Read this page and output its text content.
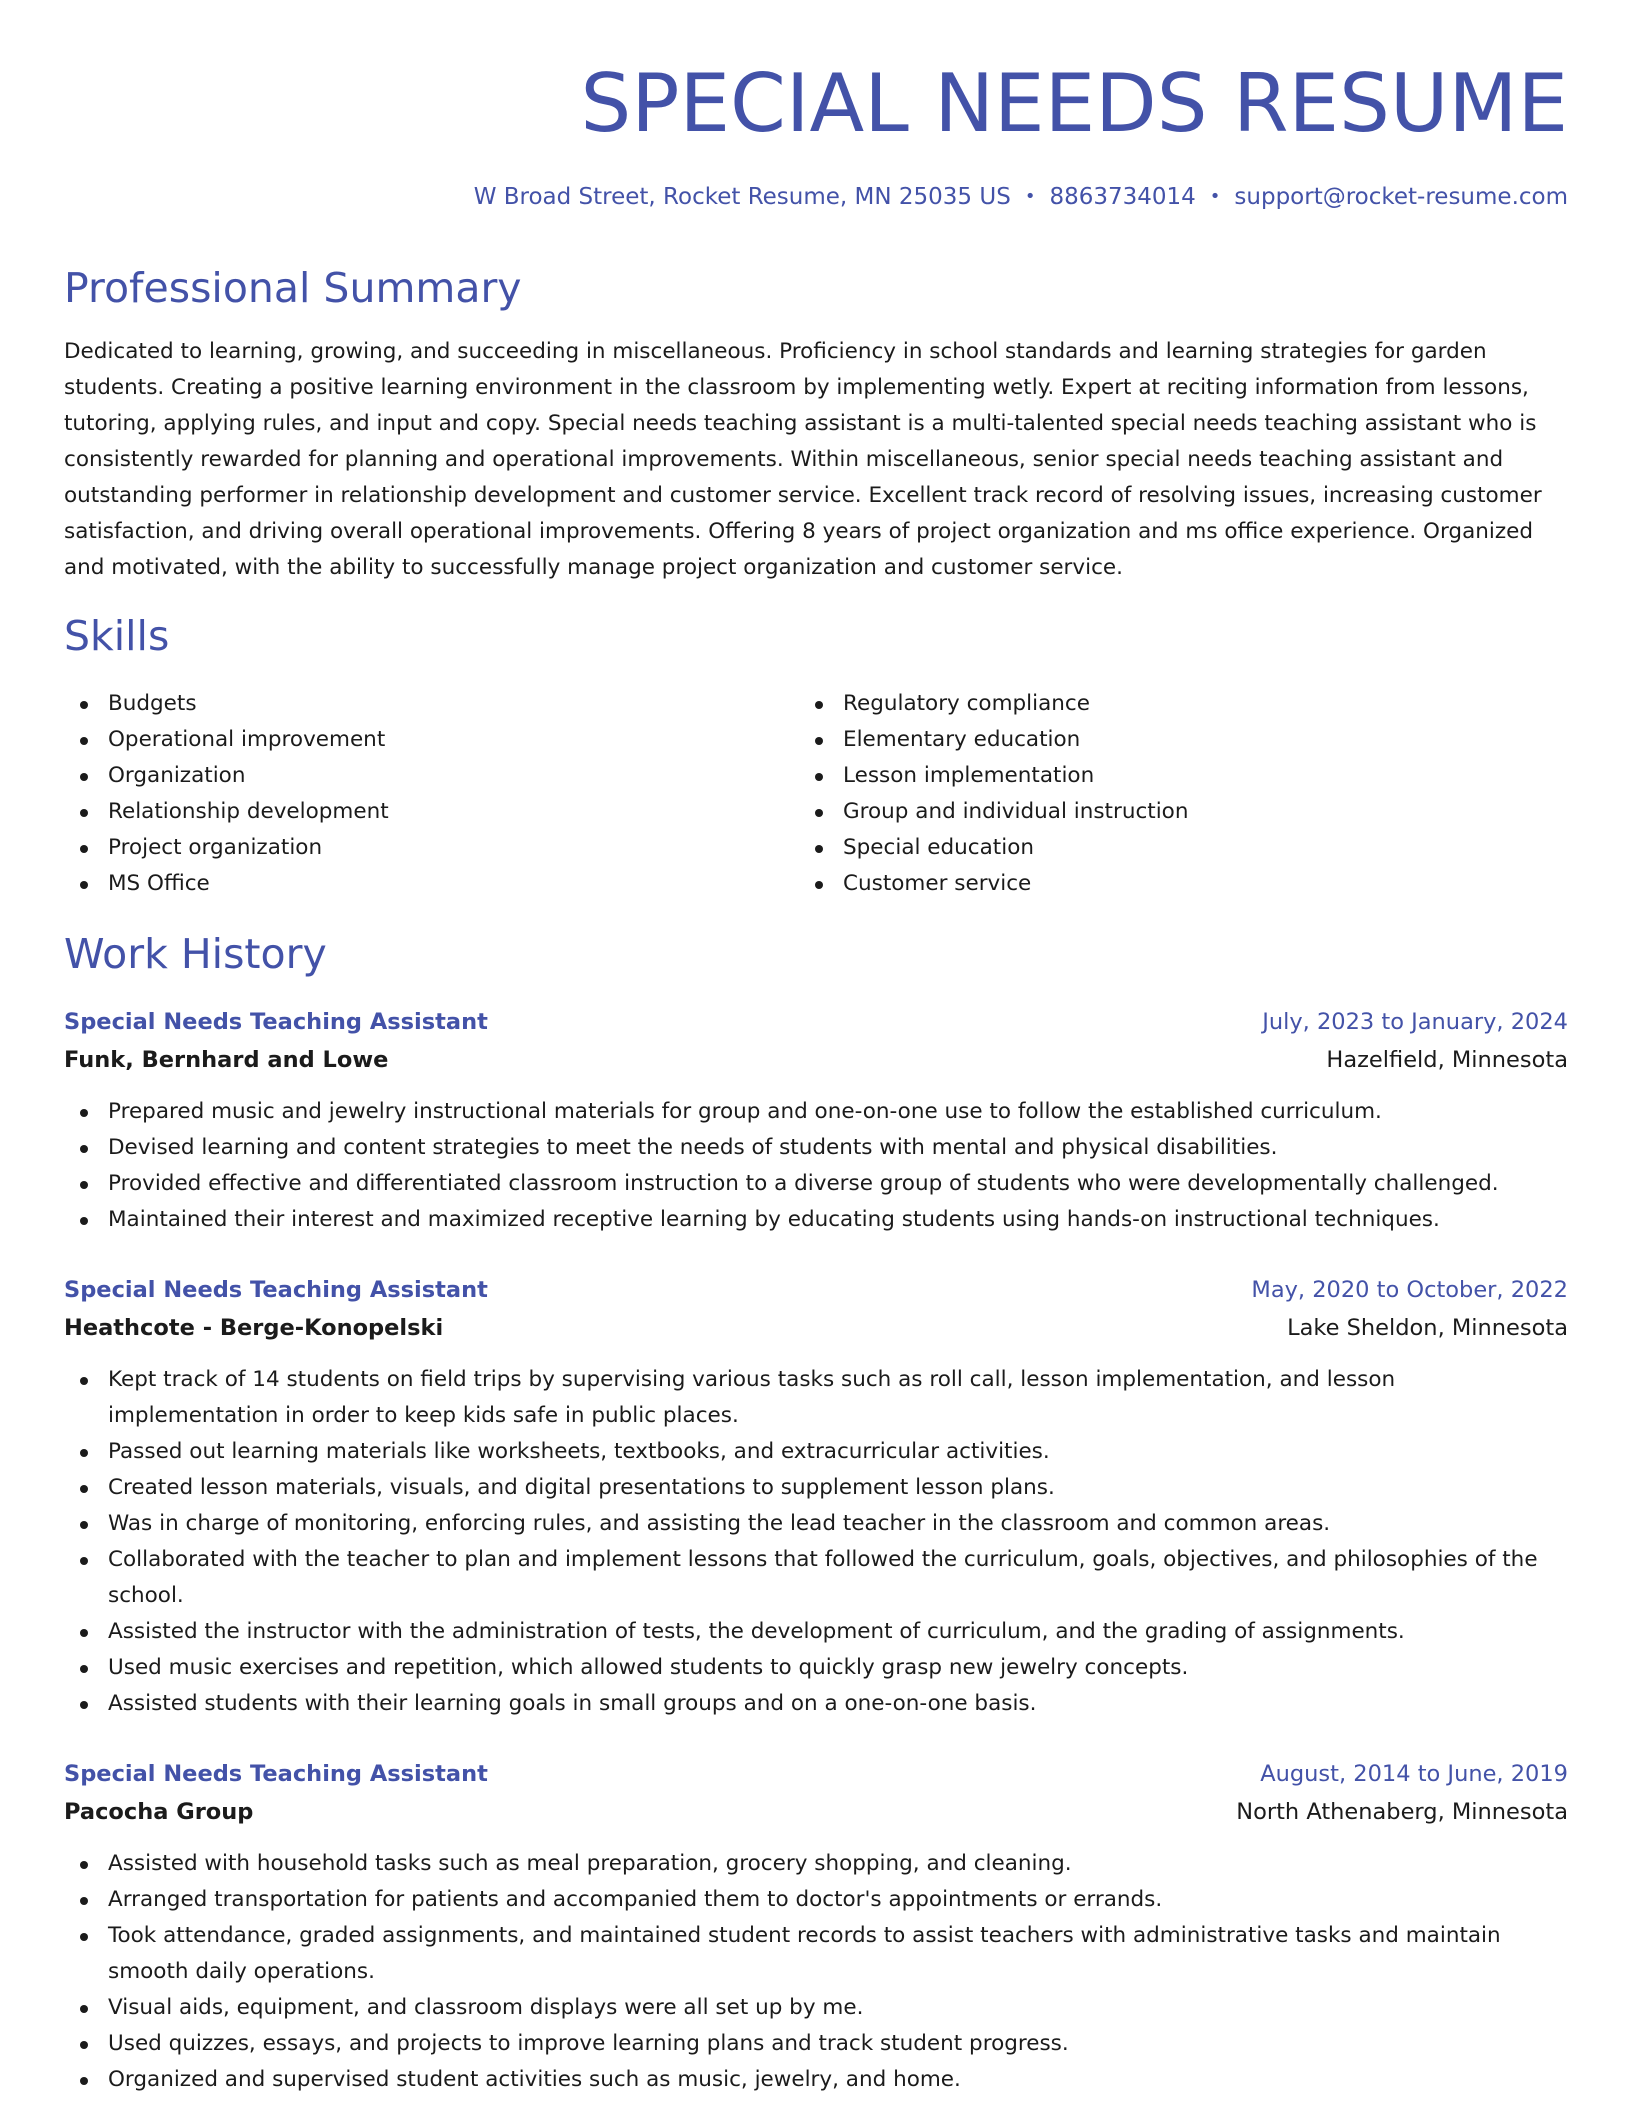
SPECIAL NEEDS RESUME
W Broad Street, Rocket Resume, MN 25035 US • 8863734014 • support@rocket-resume.com
Professional Summary

Dedicated to learning, growing, and succeeding in miscellaneous. Proficiency in school standards and learning strategies for garden students. Creating a positive learning environment in the classroom by implementing wetly. Expert at reciting information from lessons, tutoring, applying rules, and input and copy. Special needs teaching assistant is a multi-talented special needs teaching assistant who is consistently rewarded for planning and operational improvements. Within miscellaneous, senior special needs teaching assistant and outstanding performer in relationship development and customer service. Excellent track record of resolving issues, increasing customer satisfaction, and driving overall operational improvements. Offering 8 years of project organization and ms office experience. Organized and motivated, with the ability to successfully manage project organization and customer service.

Skills
Budgets
Operational improvement
Organization
Relationship development
Project organization
MS Office
Regulatory compliance
Elementary education
Lesson implementation
Group and individual instruction
Special education
Customer service
Work History
Special Needs Teaching Assistant	July, 2023 to January, 2024
Funk, Bernhard and Lowe	Hazelfield, Minnesota
Prepared music and jewelry instructional materials for group and one-on-one use to follow the established curriculum.
Devised learning and content strategies to meet the needs of students with mental and physical disabilities.
Provided effective and differentiated classroom instruction to a diverse group of students who were developmentally challenged.
Maintained their interest and maximized receptive learning by educating students using hands-on instructional techniques.
Special Needs Teaching Assistant	May, 2020 to October, 2022
Heathcote - Berge-Konopelski	Lake Sheldon, Minnesota
Kept track of 14 students on field trips by supervising various tasks such as roll call, lesson implementation, and lesson implementation in order to keep kids safe in public places.
Passed out learning materials like worksheets, textbooks, and extracurricular activities.
Created lesson materials, visuals, and digital presentations to supplement lesson plans.
Was in charge of monitoring, enforcing rules, and assisting the lead teacher in the classroom and common areas.
Collaborated with the teacher to plan and implement lessons that followed the curriculum, goals, objectives, and philosophies of the school.
Assisted the instructor with the administration of tests, the development of curriculum, and the grading of assignments.
Used music exercises and repetition, which allowed students to quickly grasp new jewelry concepts.
Assisted students with their learning goals in small groups and on a one-on-one basis.
Special Needs Teaching Assistant	August, 2014 to June, 2019
Pacocha Group	North Athenaberg, Minnesota
Assisted with household tasks such as meal preparation, grocery shopping, and cleaning.
Arranged transportation for patients and accompanied them to doctor's appointments or errands.
Took attendance, graded assignments, and maintained student records to assist teachers with administrative tasks and maintain smooth daily operations.
Visual aids, equipment, and classroom displays were all set up by me.
Used quizzes, essays, and projects to improve learning plans and track student progress.
Organized and supervised student activities such as music, jewelry, and home.
